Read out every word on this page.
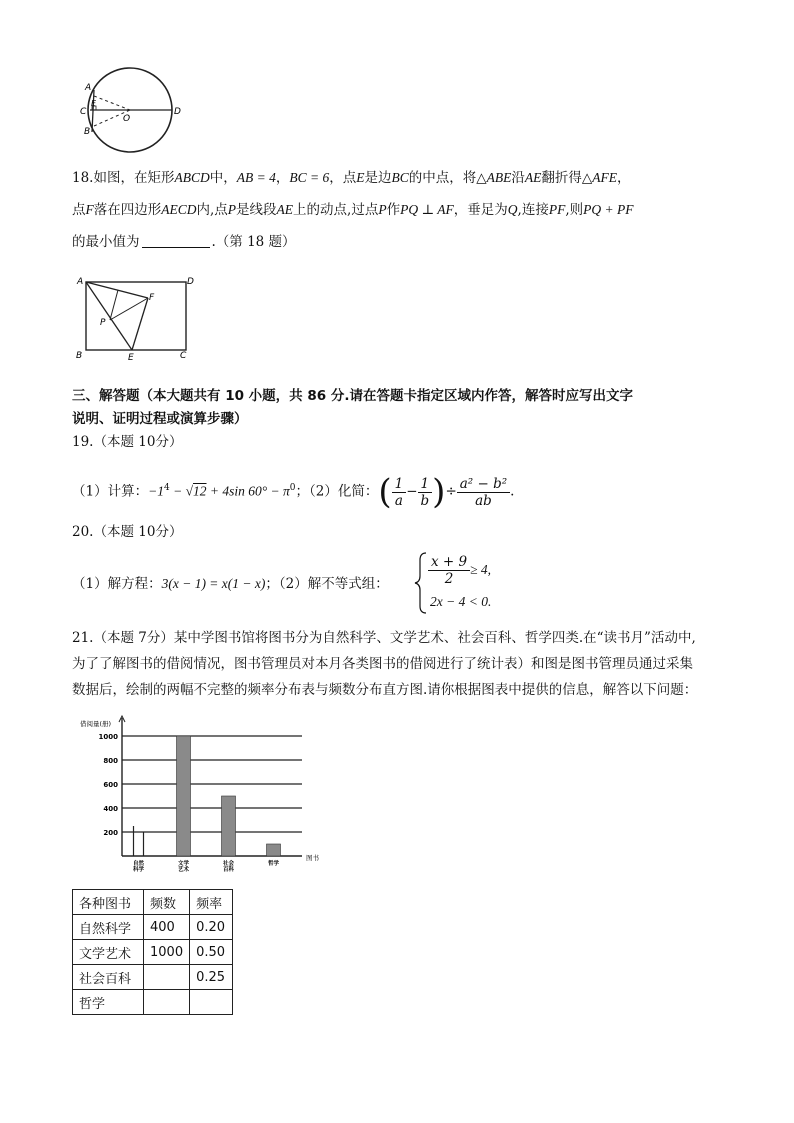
A
C
E
B
O
D
18.如图，在矩形ABCD中，AB = 4，BC = 6，点E是边BC的中点，将△ABE沿AE翻折得△AFE，
点F落在四边形AECD内,点P是线段AE上的动点,过点P作PQ ⊥ AF，垂足为Q,连接PF,则PQ + PF
的最小值为	.（第 18 题）
A	D
F
P
B	E	C
三、解答题（本大题共有 10 小题，共 86 分.请在答题卡指定区域内作答，解答时应写出文字
说明、证明过程或演算步骤）
19.（本题 10分）
（1）计算：$-1^4 - √12 + 4\sin$ $60^\circ - \pi^0$；（2）化简：( $\frac{1}{a} - \frac{1}{b}$ )÷ $\frac{\text{a² − b²}}{ab}$ .
20.（本题 10分）
（1）解方程：3(x − 1) = x(1 − x)；（2）解不等式组：	$\frac{x + 9}{2} \ge 4$,
2x − 4 < 0.
21.（本题 7分）某中学图书馆将图书分为自然科学、文学艺术、社会百科、哲学四类.在“读书月”活动中,
为了了解图书的借阅情况，图书管理员对本月各类图书的借阅进行了统计表）和图是图书管理员通过采集
数据后，绘制的两幅不完整的频率分布表与频数分布直方图.请你根据图表中提供的信息，解答以下问题：
200
400
600
800
1000
借阅量(册)
图书
自然
科学
文学
艺术
社会
百科
哲学
各种图书	频数	频率
自然科学	400	0.20
文学艺术	1000	0.50
社会百科		0.25
哲学		
